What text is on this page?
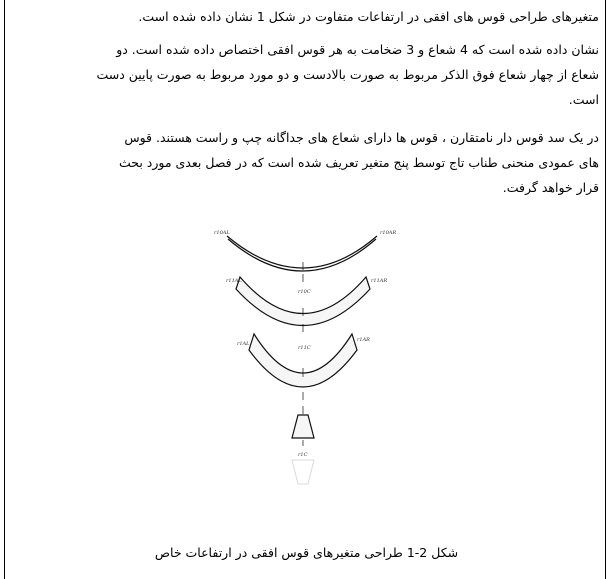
متغیرهای طراحی قوس های افقی در ارتفاعات متفاوت در شکل 1 نشان داده شده است.
نشان داده شده است که 4 شعاع و 3 ضخامت به هر قوس افقی اختصاص داده شده است. دو
شعاع از چهار شعاع فوق الذکر مربوط به صورت بالادست و دو مورد مربوط به صورت پایین دست
است.
در یک سد قوس دار نامتقارن ، قوس ها دارای شعاع های جداگانه چپ و راست هستند. قوس
های عمودی منحنی طناب تاج توسط پنج متغیر تعریف شده است که در فصل بعدی مورد بحث
قرار خواهد گرفت.
r10AL	r10AR
r10C
r11AL	r11AR
r11C
r1AL
r1AR
r1C
شکل 2-1 طراحی متغیرهای قوس افقی در ارتفاعات خاص
